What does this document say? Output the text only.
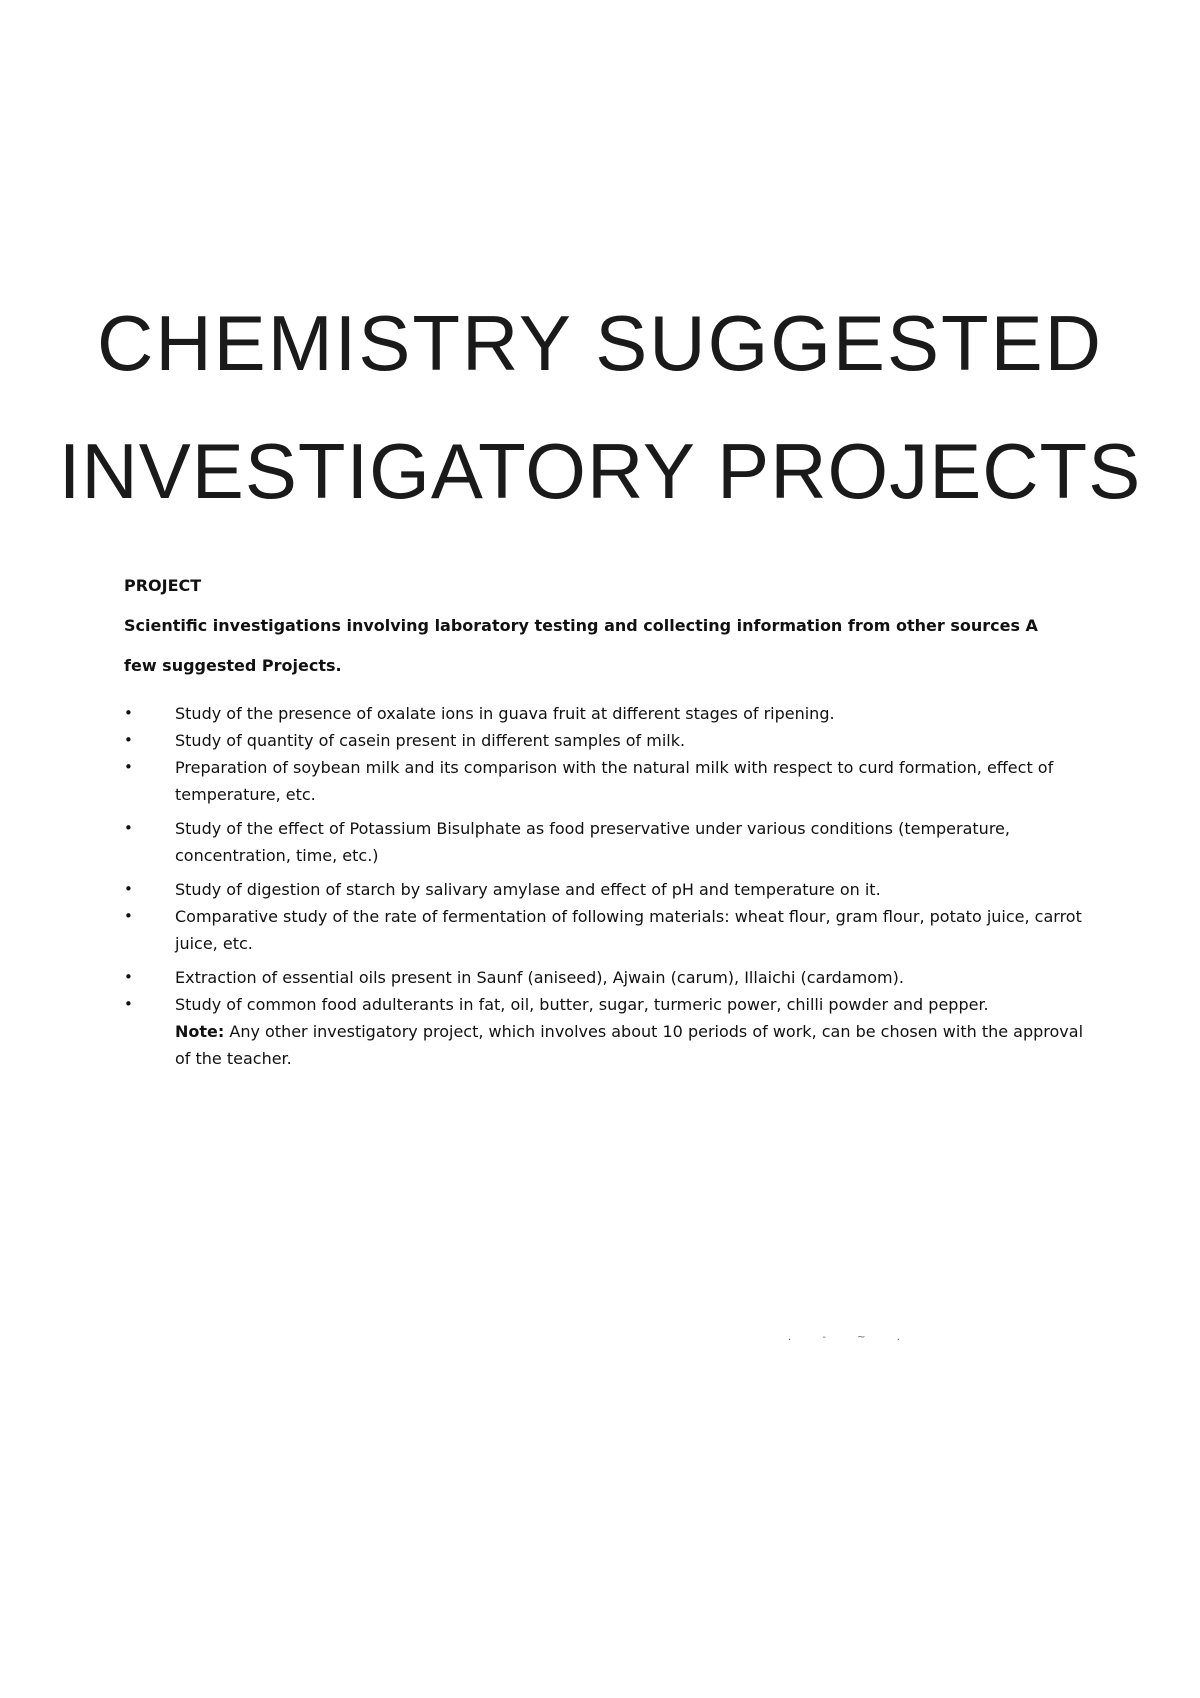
CHEMISTRY SUGGESTED
INVESTIGATORY PROJECTS

PROJECT

Scientific investigations involving laboratory testing and collecting information from other sources A

few suggested Projects.

•	Study of the presence of oxalate ions in guava fruit at different stages of ripening.
•	Study of quantity of casein present in different samples of milk.
•	Preparation of soybean milk and its comparison with the natural milk with respect to curd formation, effect of temperature, etc.
•	Study of the effect of Potassium Bisulphate as food preservative under various conditions (temperature, concentration, time, etc.)
•	Study of digestion of starch by salivary amylase and effect of pH and temperature on it.
•	Comparative study of the rate of fermentation of following materials: wheat flour, gram flour, potato juice, carrot juice, etc.
•	Extraction of essential oils present in Saunf (aniseed), Ajwain (carum), Illaichi (cardamom).
•	Study of common food adulterants in fat, oil, butter, sugar, turmeric power, chilli powder and pepper.
Note: Any other investigatory project, which involves about 10 periods of work, can be chosen with the approval of the teacher.
. - ~ .
